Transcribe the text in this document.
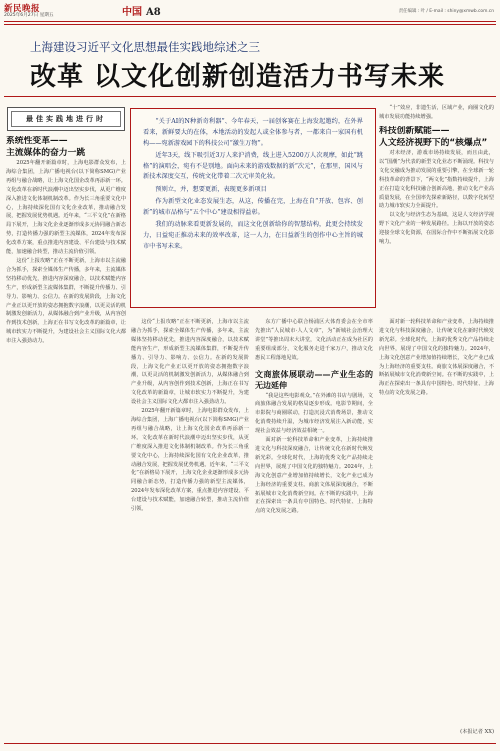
新民晚报
2025年6月27日 星期五	中国 A8	责任编辑 : 叶 / E-mail : shiny@xmwb.com.cn
上海建设习近平文化思想最佳实践地综述之三
改革 以文化创新创造活力书写未来
最佳实践地进行时	“关于AI的N种新奇利器”、今年春天，一届创客赛在上海发起邀约，在外界看来，新鲜要大的在体，本地活动的发起人或全体参与者，一都来自一家国有机构——宛新游戏园下的科技公司“激生万物”。

近年3天，线下吸引近3万人来沪消费，线上进入5200万人次观摩，如此“跳格”的演唱会，宛有不是别地。面向未来的游戏数据的新“次元”，在那里，国风与新技术深度交互，传统文化带着二次元审美化妆。

预则立，并，想要更新，表现更多新项目

作为新型文化业态发展生态，从这，传播在完，上海在自“开放、包容、创新”的城市品格与“五个中心”建设相得益彰。

我们的动脉来看更新发展的，而这文化创新给你的智慧结构，此更会持续发力，日益宛正推动未来的效率改革，这一人力，在日益新生的创作中心主旨的城市中书写未来。

系统性变革——
主流媒体的奋力一跳

2025年翻开新篇章时，上海电影群众发布，上海综合集团，上海广播电视台(以下简称SMG)产业再组与融合战略，让上海文化国企改革再添新一环。文化改革在新时代浪潮中迈出坚实步伐，从更广维度深入推进文化体制机制改革。作为长三角重要文化中心，上海持续深化国有文化企业改革，推动融合发展，把握发展优势机遇。近年来，“三平文化”在新格局下展开，上海文化企业逐渐形成多元协同融合新态势，打造传播力强的新型主流媒体，2024年发布深化改革方案，重点推进内容建设、平台建设与技术赋能，加速融合转型，推动主流价值引领。

这份“上报攻略”正在不断更新，上海市以主流融合为抓手，探索全媒体生产传播，多年来，主流媒体坚持移动优先，推进内容深度融合，以技术赋能内容生产，形成新型主流媒体集群，不断提升传播力、引导力、影响力、公信力。在新的发展阶段，上海文化产业正以更开放的姿态拥抱数字浪潮，以更灵活的机制激发创新活力，从媒体融合到产业升级，从内容创作到技术创新，上海正在书写文化改革的新篇章，让城市软实力不断提升，为建设社会主义国际文化大都市注入强劲动力。

这份“上报攻略”正在不断更新，上海市以主流融合为抓手，探索全媒体生产传播，多年来，主流媒体坚持移动优先，推进内容深度融合，以技术赋能内容生产，形成新型主流媒体集群，不断提升传播力、引导力、影响力、公信力。在新的发展阶段，上海文化产业正以更开放的姿态拥抱数字浪潮，以更灵活的机制激发创新活力，从媒体融合到产业升级，从内容创作到技术创新，上海正在书写文化改革的新篇章，让城市软实力不断提升，为建设社会主义国际文化大都市注入强劲动力。

2025年翻开新篇章时，上海电影群众发布，上海综合集团，上海广播电视台(以下简称SMG)产业再组与融合战略，让上海文化国企改革再添新一环。文化改革在新时代浪潮中迈出坚实步伐，从更广维度深入推进文化体制机制改革。作为长三角重要文化中心，上海持续深化国有文化企业改革，推动融合发展，把握发展优势机遇。近年来，“三平文化”在新格局下展开，上海文化企业逐渐形成多元协同融合新态势，打造传播力强的新型主流媒体，2024年发布深化改革方案，重点推进内容建设、平台建设与技术赋能，加速融合转型，推动主流价值引领。

东方广播中心联合杨浦区大体育委会在全市率先推出“人民城市·人人文章”，为“新城社会治理大讲堂”等推出周末大讲堂，文化活动正在成为社区的重要组成部分，文化服务走进千家万户，推动文化惠民工程落地见效。

文商旅体展联动——产业生态的无边延伸

“我是这些电影观众。”在外滩的书店与剧场，文商旅体融合发展的格局逐步形成。电影节期间，全市影院与商圈联动，打造沉浸式消费场景，推动文化消费持续升温，为城市经济发展注入新动能，实现社会效益与经济效益相统一。

面对新一轮科技革命和产业变革，上海持续推进文化与科技深度融合，让传统文化在新时代焕发新光彩。全球化时代，上海的优秀文化产品持续走向世界，展现了中国文化的独特魅力。2024年，上海文化创意产业增加值持续增长，文化产业已成为上海经济的重要支柱。商旅文体展深度融合，不断拓展城市文化消费新空间。在不断的实践中，上海正在探索出一条具有中国特色、时代特征、上海特点的文化发展之路。

“十”效应，非遗生活，区域产业，商圈文化的城市发展功能持续增强。

面对新一轮科技革命和产业变革，上海持续推进文化与科技深度融合，让传统文化在新时代焕发新光彩。全球化时代，上海的优秀文化产品持续走向世界，展现了中国文化的独特魅力。2024年，上海文化创意产业增加值持续增长，文化产业已成为上海经济的重要支柱。商旅文体展深度融合，不断拓展城市文化消费新空间。在不断的实践中，上海正在探索出一条具有中国特色、时代特征、上海特点的文化发展之路。

科技创新赋能——
人文经济视野下的“核爆点”

对未经济，游戏市场持续发展，而且由此，以“国潮”为代表的新型文化业态不断涌现。科技与文化交融成为推动发展的重要引擎，在全球新一轮科技革命的背景下，“两文化”指数持续提升，上海正在打造文化科技融合创新高地，推动文化产业高质量发展，在全国率先探索新路径，以数字化转型助力城市软实力全面提升。

以文化与经济生态为基础，这是人文经济学视野下文化产业的一种发展路径。上海以开放的姿态迎接全球文化资源，在国际合作中不断拓展文化影响力。

(本报记者 XX)
